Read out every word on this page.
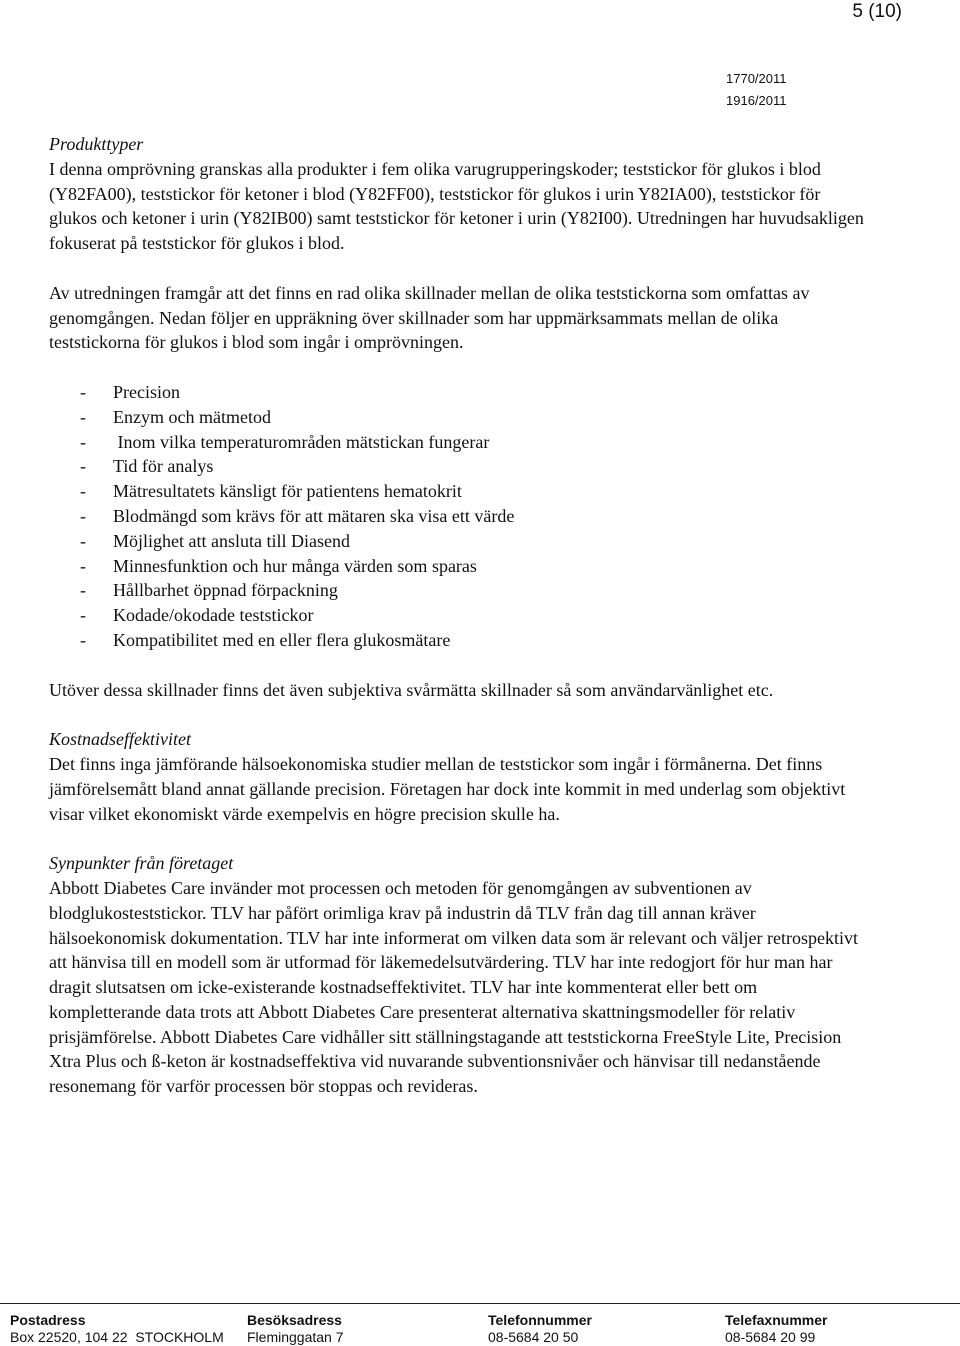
5 (10)
1770/2011
1916/2011

Produkttyper

I denna omprövning granskas alla produkter i fem olika varugrupperingskoder; teststickor för glukos i blod (Y82FA00), teststickor för ketoner i blod (Y82FF00), teststickor för glukos i urin Y82IA00), teststickor för glukos och ketoner i urin (Y82IB00) samt teststickor för ketoner i urin (Y82I00). Utredningen har huvudsakligen fokuserat på teststickor för glukos i blod.

Av utredningen framgår att det finns en rad olika skillnader mellan de olika teststickorna som omfattas av genomgången. Nedan följer en uppräkning över skillnader som har uppmärksammats mellan de olika teststickorna för glukos i blod som ingår i omprövningen.

- Precision
- Enzym och mätmetod
- Inom vilka temperaturområden mätstickan fungerar
- Tid för analys
- Mätresultatets känsligt för patientens hematokrit
- Blodmängd som krävs för att mätaren ska visa ett värde
- Möjlighet att ansluta till Diasend
- Minnesfunktion och hur många värden som sparas
- Hållbarhet öppnad förpackning
- Kodade/okodade teststickor
- Kompatibilitet med en eller flera glukosmätare

Utöver dessa skillnader finns det även subjektiva svårmätta skillnader så som användarvänlighet etc.

Kostnadseffektivitet

Det finns inga jämförande hälsoekonomiska studier mellan de teststickor som ingår i förmånerna. Det finns jämförelsemått bland annat gällande precision. Företagen har dock inte kommit in med underlag som objektivt visar vilket ekonomiskt värde exempelvis en högre precision skulle ha.

Synpunkter från företaget

Abbott Diabetes Care invänder mot processen och metoden för genomgången av subventionen av blodglukosteststickor. TLV har påfört orimliga krav på industrin då TLV från dag till annan kräver hälsoekonomisk dokumentation. TLV har inte informerat om vilken data som är relevant och väljer retrospektivt att hänvisa till en modell som är utformad för läkemedelsutvärdering. TLV har inte redogjort för hur man har dragit slutsatsen om icke-existerande kostnadseffektivitet. TLV har inte kommenterat eller bett om kompletterande data trots att Abbott Diabetes Care presenterat alternativa skattningsmodeller för relativ prisjämförelse. Abbott Diabetes Care vidhåller sitt ställningstagande att teststickorna FreeStyle Lite, Precision Xtra Plus och ß-keton är kostnadseffektiva vid nuvarande subventionsnivåer och hänvisar till nedanstående resonemang för varför processen bör stoppas och revideras.

Postadress
Box 22520, 104 22  STOCKHOLM
Besöksadress
Fleminggatan 7
Telefonnummer
08-5684 20 50
Telefaxnummer
08-5684 20 99
